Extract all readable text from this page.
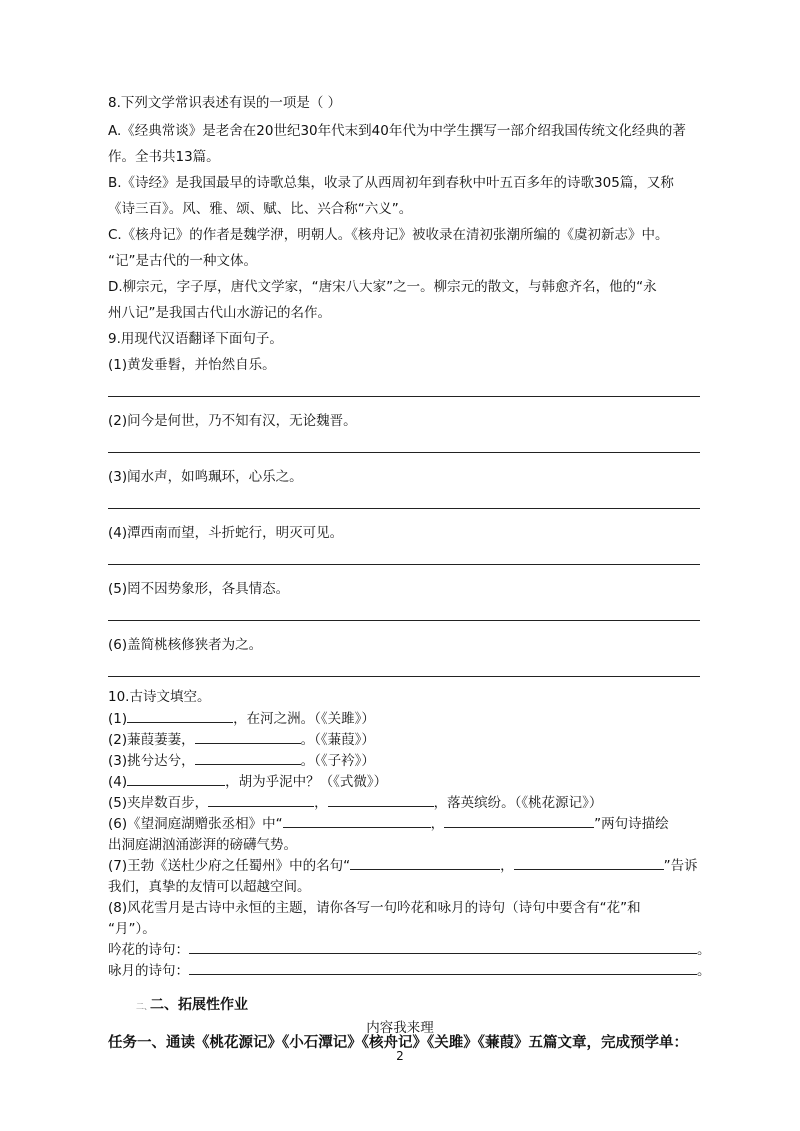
8.下列文学常识表述有误的一项是（ ）
A.《经典常谈》是老舍在20世纪30年代末到40年代为中学生撰写一部介绍我国传统文化经典的著
作。全书共13篇。
B.《诗经》是我国最早的诗歌总集，收录了从西周初年到春秋中叶五百多年的诗歌305篇，又称
《诗三百》。风、雅、颂、赋、比、兴合称“六义”。
C.《核舟记》的作者是魏学洢，明朝人。《核舟记》被收录在清初张潮所编的《虞初新志》中。
“记”是古代的一种文体。
D.柳宗元，字子厚，唐代文学家，“唐宋八大家”之一。柳宗元的散文，与韩愈齐名，他的“永
州八记”是我国古代山水游记的名作。
9.用现代汉语翻译下面句子。
(1)黄发垂髫，并怡然自乐。
(2)问今是何世，乃不知有汉，无论魏晋。
(3)闻水声，如鸣珮环，心乐之。
(4)潭西南而望，斗折蛇行，明灭可见。
(5)罔不因势象形，各具情态。
(6)盖简桃核修狭者为之。
10.古诗文填空。
(1)	，在河之洲。（《关雎》）
(2)蒹葭萋萋，	。（《蒹葭》）
(3)挑兮达兮，	。（《子衿》）
(4)	，胡为乎泥中？（《式微》）
(5)夹岸数百步，	，	，落英缤纷。（《桃花源记》）
(6)《望洞庭湖赠张丞相》中“	，	”两句诗描绘
出洞庭湖汹涌澎湃的磅礴气势。
(7)王勃《送杜少府之任蜀州》中的名句“	，	”告诉
我们，真挚的友情可以超越空间。
(8)风花雪月是古诗中永恒的主题，请你各写一句吟花和咏月的诗句（诗句中要含有“花”和
“月”）。
吟花的诗句：	。
咏月的诗句：	。
二、
二、拓展性作业
内容我来理
任务一、通读《桃花源记》《小石潭记》《核舟记》《关雎》《蒹葭》五篇文章，完成预学单：
2
